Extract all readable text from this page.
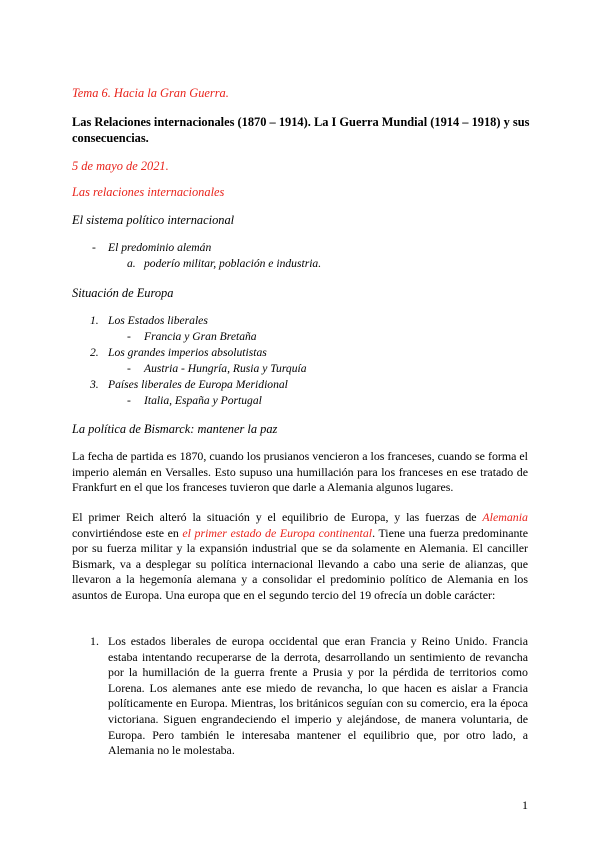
Tema 6. Hacia la Gran Guerra.
Las Relaciones internacionales (1870 – 1914). La I Guerra Mundial (1914 – 1918) y sus
consecuencias.
5 de mayo de 2021.
Las relaciones internacionales
El sistema político internacional
- El predominio alemán
a. poderío militar, población e industria.
Situación de Europa
1. Los Estados liberales
- Francia y Gran Bretaña
2. Los grandes imperios absolutistas
- Austria - Hungría, Rusia y Turquía
3. Países liberales de Europa Meridional
- Italia, España y Portugal
La política de Bismarck: mantener la paz
La fecha de partida es 1870, cuando los prusianos vencieron a los franceses, cuando se forma el imperio alemán en Versalles. Esto supuso una humillación para los franceses en ese tratado de Frankfurt en el que los franceses tuvieron que darle a Alemania algunos lugares.
El primer Reich alteró la situación y el equilibrio de Europa, y las fuerzas de Alemania convirtiéndose este en el primer estado de Europa continental. Tiene una fuerza predominante por su fuerza militar y la expansión industrial que se da solamente en Alemania. El canciller Bismark, va a desplegar su política internacional llevando a cabo una serie de alianzas, que llevaron a la hegemonía alemana y a consolidar el predominio político de Alemania en los asuntos de Europa. Una europa que en el segundo tercio del 19 ofrecía un doble carácter:
1. Los estados liberales de europa occidental que eran Francia y Reino Unido. Francia estaba intentando recuperarse de la derrota, desarrollando un sentimiento de revancha por la humillación de la guerra frente a Prusia y por la pérdida de territorios como Lorena. Los alemanes ante ese miedo de revancha, lo que hacen es aislar a Francia políticamente en Europa. Mientras, los británicos seguían con su comercio, era la época victoriana. Siguen engrandeciendo el imperio y alejándose, de manera voluntaria, de Europa. Pero también le interesaba mantener el equilibrio que, por otro lado, a Alemania no le molestaba.
1
